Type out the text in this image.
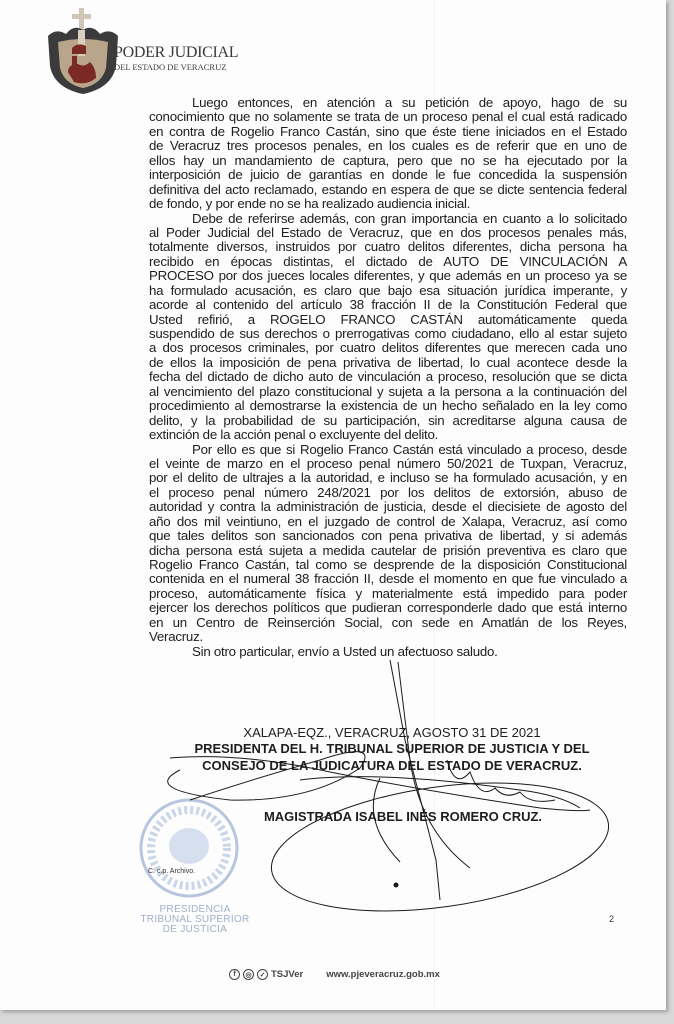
PODER JUDICIAL
DEL ESTADO DE VERACRUZ
Luego entonces, en atención a su petición de apoyo, hago de su
conocimiento que no solamente se trata de un proceso penal el cual está radicado
en contra de Rogelio Franco Castán, sino que éste tiene iniciados en el Estado
de Veracruz tres procesos penales, en los cuales es de referir que en uno de
ellos hay un mandamiento de captura, pero que no se ha ejecutado por la
interposición de juicio de garantías en donde le fue concedida la suspensión
definitiva del acto reclamado, estando en espera de que se dicte sentencia federal
de fondo, y por ende no se ha realizado audiencia inicial.
Debe de referirse además, con gran importancia en cuanto a lo solicitado
al Poder Judicial del Estado de Veracruz, que en dos procesos penales más,
totalmente diversos, instruidos por cuatro delitos diferentes, dicha persona ha
recibido en épocas distintas, el dictado de AUTO DE VINCULACIÓN A
PROCESO por dos jueces locales diferentes, y que además en un proceso ya se
ha formulado acusación, es claro que bajo esa situación jurídica imperante, y
acorde al contenido del artículo 38 fracción II de la Constitución Federal que
Usted refirió, a ROGELO FRANCO CASTÁN automáticamente queda
suspendido de sus derechos o prerrogativas como ciudadano, ello al estar sujeto
a dos procesos criminales, por cuatro delitos diferentes que merecen cada uno
de ellos la imposición de pena privativa de libertad, lo cual acontece desde la
fecha del dictado de dicho auto de vinculación a proceso, resolución que se dicta
al vencimiento del plazo constitucional y sujeta a la persona a la continuación del
procedimiento al demostrarse la existencia de un hecho señalado en la ley como
delito, y la probabilidad de su participación, sin acreditarse alguna causa de
extinción de la acción penal o excluyente del delito.
Por ello es que si Rogelio Franco Castán está vinculado a proceso, desde
el veinte de marzo en el proceso penal número 50/2021 de Tuxpan, Veracruz,
por el delito de ultrajes a la autoridad, e incluso se ha formulado acusación, y en
el proceso penal número 248/2021 por los delitos de extorsión, abuso de
autoridad y contra la administración de justicia, desde el diecisiete de agosto del
año dos mil veintiuno, en el juzgado de control de Xalapa, Veracruz, así como
que tales delitos son sancionados con pena privativa de libertad, y si además
dicha persona está sujeta a medida cautelar de prisión preventiva es claro que
Rogelio Franco Castán, tal como se desprende de la disposición Constitucional
contenida en el numeral 38 fracción II, desde el momento en que fue vinculado a
proceso, automáticamente física y materialmente está impedido para poder
ejercer los derechos políticos que pudieran corresponderle dado que está interno
en un Centro de Reinserción Social, con sede en Amatlán de los Reyes,
Veracruz.
Sin otro particular, envío a Usted un afectuoso saludo.
XALAPA-EQZ., VERACRUZ, AGOSTO 31 DE 2021
PRESIDENTA DEL H. TRIBUNAL SUPERIOR DE JUSTICIA Y DEL
CONSEJO DE LA JUDICATURA DEL ESTADO DE VERACRUZ.
MAGISTRADA ISABEL INÉS ROMERO CRUZ.
C. c.p. Archivo.
PRESIDENCIA
TRIBUNAL SUPERIOR
DE JUSTICIA
2
f	◎	✓ TSJVer www.pjeveracruz.gob.mx
